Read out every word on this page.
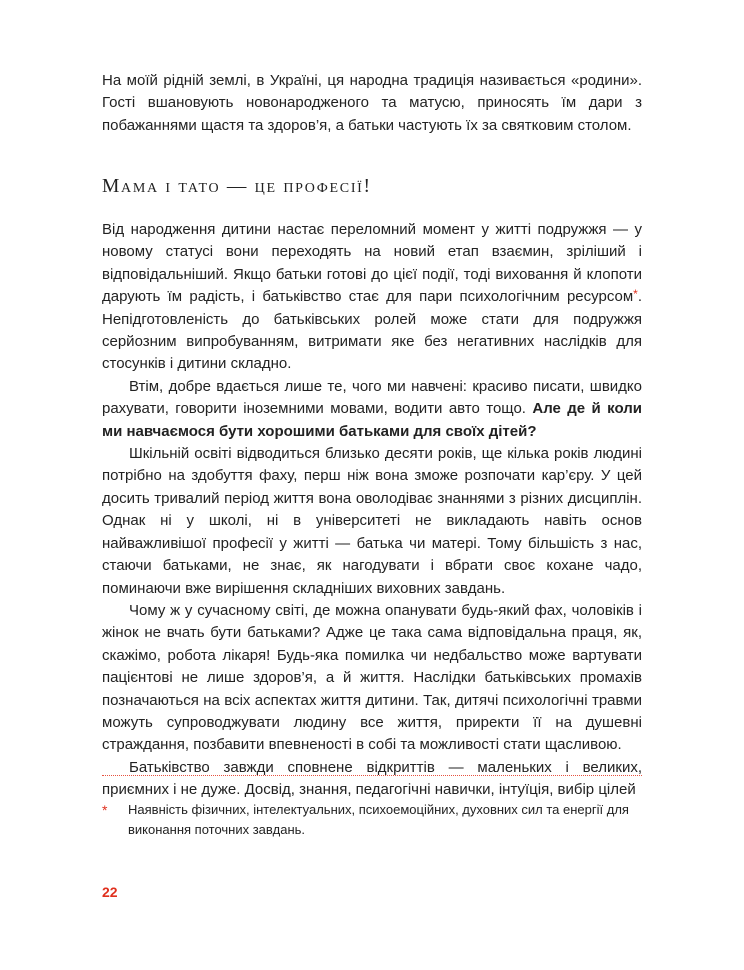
На моїй рідній землі, в Україні, ця народна традиція називається «родини». Гості вшановують новонародженого та матусю, приносять їм дари з побажаннями щастя та здоров’я, а батьки частують їх за святковим столом.

Мама і тато — це професії!

Від народження дитини настає переломний момент у житті подружжя — у новому статусі вони переходять на новий етап взаємин, зріліший і відповідальніший. Якщо батьки готові до цієї події, тоді виховання й клопоти дарують їм радість, і батьківство стає для пари психологічним ресурсом*. Непідготовленість до батьківських ролей може стати для подружжя серйозним випробуванням, витримати яке без негативних наслідків для стосунків і дитини складно.

Втім, добре вдається лише те, чого ми навчені: красиво писати, швидко рахувати, говорити іноземними мовами, водити авто тощо. Але де й коли ми навчаємося бути хорошими батьками для своїх дітей?

Шкільній освіті відводиться близько десяти років, ще кілька років людині потрібно на здобуття фаху, перш ніж вона зможе розпочати кар’єру. У цей досить тривалий період життя вона оволодіває знаннями з різних дисциплін. Однак ні у школі, ні в університеті не викладають навіть основ найважливішої професії у житті — батька чи матері. Тому більшість з нас, стаючи батьками, не знає, як нагодувати і вбрати своє кохане чадо, поминаючи вже вирішення складніших виховних завдань.

Чому ж у сучасному світі, де можна опанувати будь-який фах, чоловіків і жінок не вчать бути батьками? Адже це така сама відповідальна праця, як, скажімо, робота лікаря! Будь-яка помилка чи недбальство може вартувати пацієнтові не лише здоров’я, а й життя. Наслідки батьківських промахів позначаються на всіх аспектах життя дитини. Так, дитячі психологічні травми можуть супроводжувати людину все життя, приректи її на душевні страждання, позбавити впевненості в собі та можливості стати щасливою.

Батьківство завжди сповнене відкриттів — маленьких і великих, приємних і не дуже. Досвід, знання, педагогічні навички, інтуїція, вибір цілей

* Наявність фізичних, інтелектуальних, психоемоційних, духовних сил та енергії для виконання поточних завдань.
22
